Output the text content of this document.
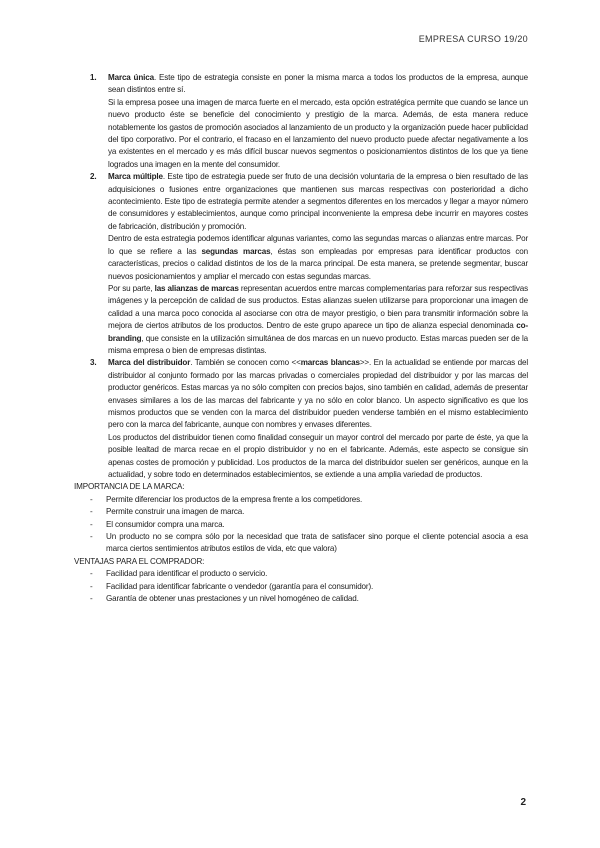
EMPRESA CURSO 19/20
1.	Marca única. Este tipo de estrategia consiste en poner la misma marca a todos los productos de la empresa, aunque sean distintos entre sí.

Si la empresa posee una imagen de marca fuerte en el mercado, esta opción estratégica permite que cuando se lance un nuevo producto éste se beneficie del conocimiento y prestigio de la marca. Además, de esta manera reduce notablemente los gastos de promoción asociados al lanzamiento de un producto y la organización puede hacer publicidad del tipo corporativo. Por el contrario, el fracaso en el lanzamiento del nuevo producto puede afectar negativamente a los ya existentes en el mercado y es más difícil buscar nuevos segmentos o posicionamientos distintos de los que ya tiene logrados una imagen en la mente del consumidor.

2.	Marca múltiple. Este tipo de estrategia puede ser fruto de una decisión voluntaria de la empresa o bien resultado de las adquisiciones o fusiones entre organizaciones que mantienen sus marcas respectivas con posterioridad a dicho acontecimiento. Este tipo de estrategia permite atender a segmentos diferentes en los mercados y llegar a mayor número de consumidores y establecimientos, aunque como principal inconveniente la empresa debe incurrir en mayores costes de fabricación, distribución y promoción.

Dentro de esta estrategia podemos identificar algunas variantes, como las segundas marcas o alianzas entre marcas. Por lo que se refiere a las segundas marcas, éstas son empleadas por empresas para identificar productos con características, precios o calidad distintos de los de la marca principal. De esta manera, se pretende segmentar, buscar nuevos posicionamientos y ampliar el mercado con estas segundas marcas.

Por su parte, las alianzas de marcas representan acuerdos entre marcas complementarias para reforzar sus respectivas imágenes y la percepción de calidad de sus productos. Estas alianzas suelen utilizarse para proporcionar una imagen de calidad a una marca poco conocida al asociarse con otra de mayor prestigio, o bien para transmitir información sobre la mejora de ciertos atributos de los productos. Dentro de este grupo aparece un tipo de alianza especial denominada co-branding, que consiste en la utilización simultánea de dos marcas en un nuevo producto. Estas marcas pueden ser de la misma empresa o bien de empresas distintas.

3.	Marca del distribuidor. También se conocen como <<marcas blancas>>. En la actualidad se entiende por marcas del distribuidor al conjunto formado por las marcas privadas o comerciales propiedad del distribuidor y por las marcas del productor genéricos. Estas marcas ya no sólo compiten con precios bajos, sino también en calidad, además de presentar envases similares a los de las marcas del fabricante y ya no sólo en color blanco. Un aspecto significativo es que los mismos productos que se venden con la marca del distribuidor pueden venderse también en el mismo establecimiento pero con la marca del fabricante, aunque con nombres y envases diferentes.

Los productos del distribuidor tienen como finalidad conseguir un mayor control del mercado por parte de éste, ya que la posible lealtad de marca recae en el propio distribuidor y no en el fabricante. Además, este aspecto se consigue sin apenas costes de promoción y publicidad. Los productos de la marca del distribuidor suelen ser genéricos, aunque en la actualidad, y sobre todo en determinados establecimientos, se extiende a una amplia variedad de productos.

IMPORTANCIA DE LA MARCA:
-	Permite diferenciar los productos de la empresa frente a los competidores.
-	Permite construir una imagen de marca.
-	El consumidor compra una marca.
-	Un producto no se compra sólo por la necesidad que trata de satisfacer sino porque el cliente potencial asocia a esa marca ciertos sentimientos atributos estilos de vida, etc que valora)
VENTAJAS PARA EL COMPRADOR:
-	Facilidad para identificar el producto o servicio.
-	Facilidad para identificar fabricante o vendedor (garantía para el consumidor).
-	Garantía de obtener unas prestaciones y un nivel homogéneo de calidad.
2
